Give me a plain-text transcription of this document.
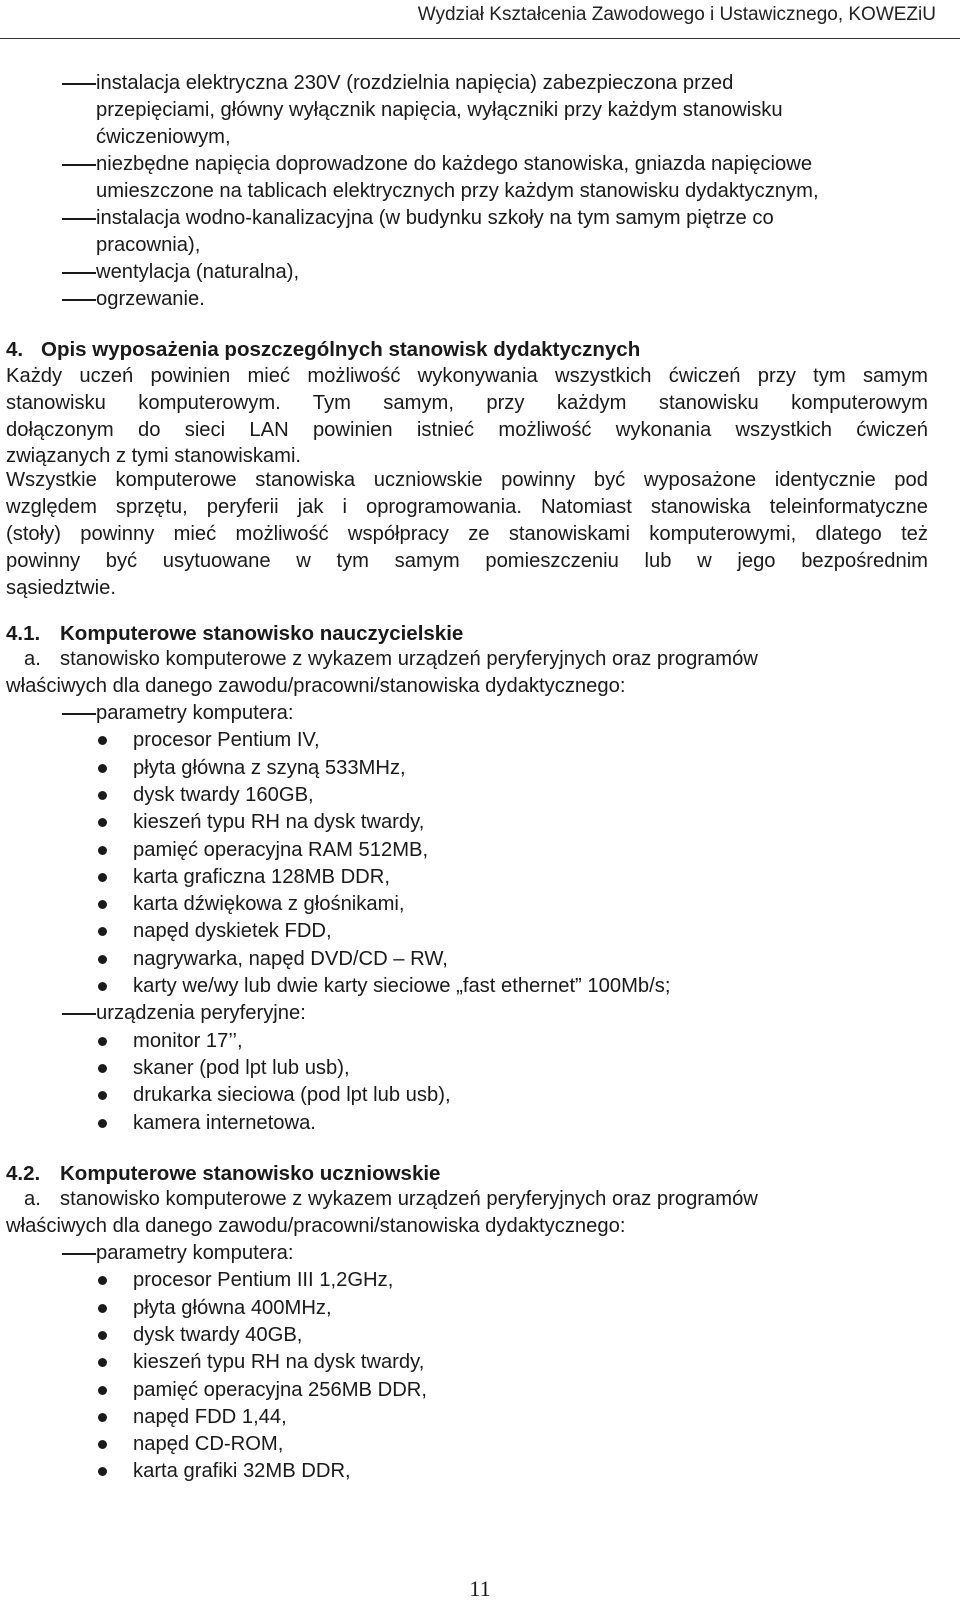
Wydział Kształcenia Zawodowego i Ustawicznego, KOWEZiU
instalacja elektryczna 230V (rozdzielnia napięcia) zabezpieczona przed
przepięciami, główny wyłącznik napięcia, wyłączniki przy każdym stanowisku
ćwiczeniowym,
niezbędne napięcia doprowadzone do każdego stanowiska, gniazda napięciowe
umieszczone na tablicach elektrycznych przy każdym stanowisku dydaktycznym,
instalacja wodno-kanalizacyjna (w budynku szkoły na tym samym piętrze co
pracownia),
wentylacja (naturalna),
ogrzewanie.
4. Opis wyposażenia poszczególnych stanowisk dydaktycznych
Każdy uczeń powinien mieć możliwość wykonywania wszystkich ćwiczeń przy tym samym
stanowisku komputerowym. Tym samym, przy każdym stanowisku komputerowym
dołączonym do sieci LAN powinien istnieć możliwość wykonania wszystkich ćwiczeń
związanych z tymi stanowiskami.
Wszystkie komputerowe stanowiska uczniowskie powinny być wyposażone identycznie pod
względem sprzętu, peryferii jak i oprogramowania. Natomiast stanowiska teleinformatyczne
(stoły) powinny mieć możliwość współpracy ze stanowiskami komputerowymi, dlatego też
powinny być usytuowane w tym samym pomieszczeniu lub w jego bezpośrednim
sąsiedztwie.
4.1. Komputerowe stanowisko nauczycielskie
a. stanowisko komputerowe z wykazem urządzeń peryferyjnych oraz programów
właściwych dla danego zawodu/pracowni/stanowiska dydaktycznego:
parametry komputera:
procesor Pentium IV,
płyta główna z szyną 533MHz,
dysk twardy 160GB,
kieszeń typu RH na dysk twardy,
pamięć operacyjna RAM 512MB,
karta graficzna 128MB DDR,
karta dźwiękowa z głośnikami,
napęd dyskietek FDD,
nagrywarka, napęd DVD/CD – RW,
karty we/wy lub dwie karty sieciowe „fast ethernet” 100Mb/s;
urządzenia peryferyjne:
monitor 17’’,
skaner (pod lpt lub usb),
drukarka sieciowa (pod lpt lub usb),
kamera internetowa.
4.2. Komputerowe stanowisko uczniowskie
a. stanowisko komputerowe z wykazem urządzeń peryferyjnych oraz programów
właściwych dla danego zawodu/pracowni/stanowiska dydaktycznego:
parametry komputera:
procesor Pentium III 1,2GHz,
płyta główna 400MHz,
dysk twardy 40GB,
kieszeń typu RH na dysk twardy,
pamięć operacyjna 256MB DDR,
napęd FDD 1,44,
napęd CD-ROM,
karta grafiki 32MB DDR,
11
